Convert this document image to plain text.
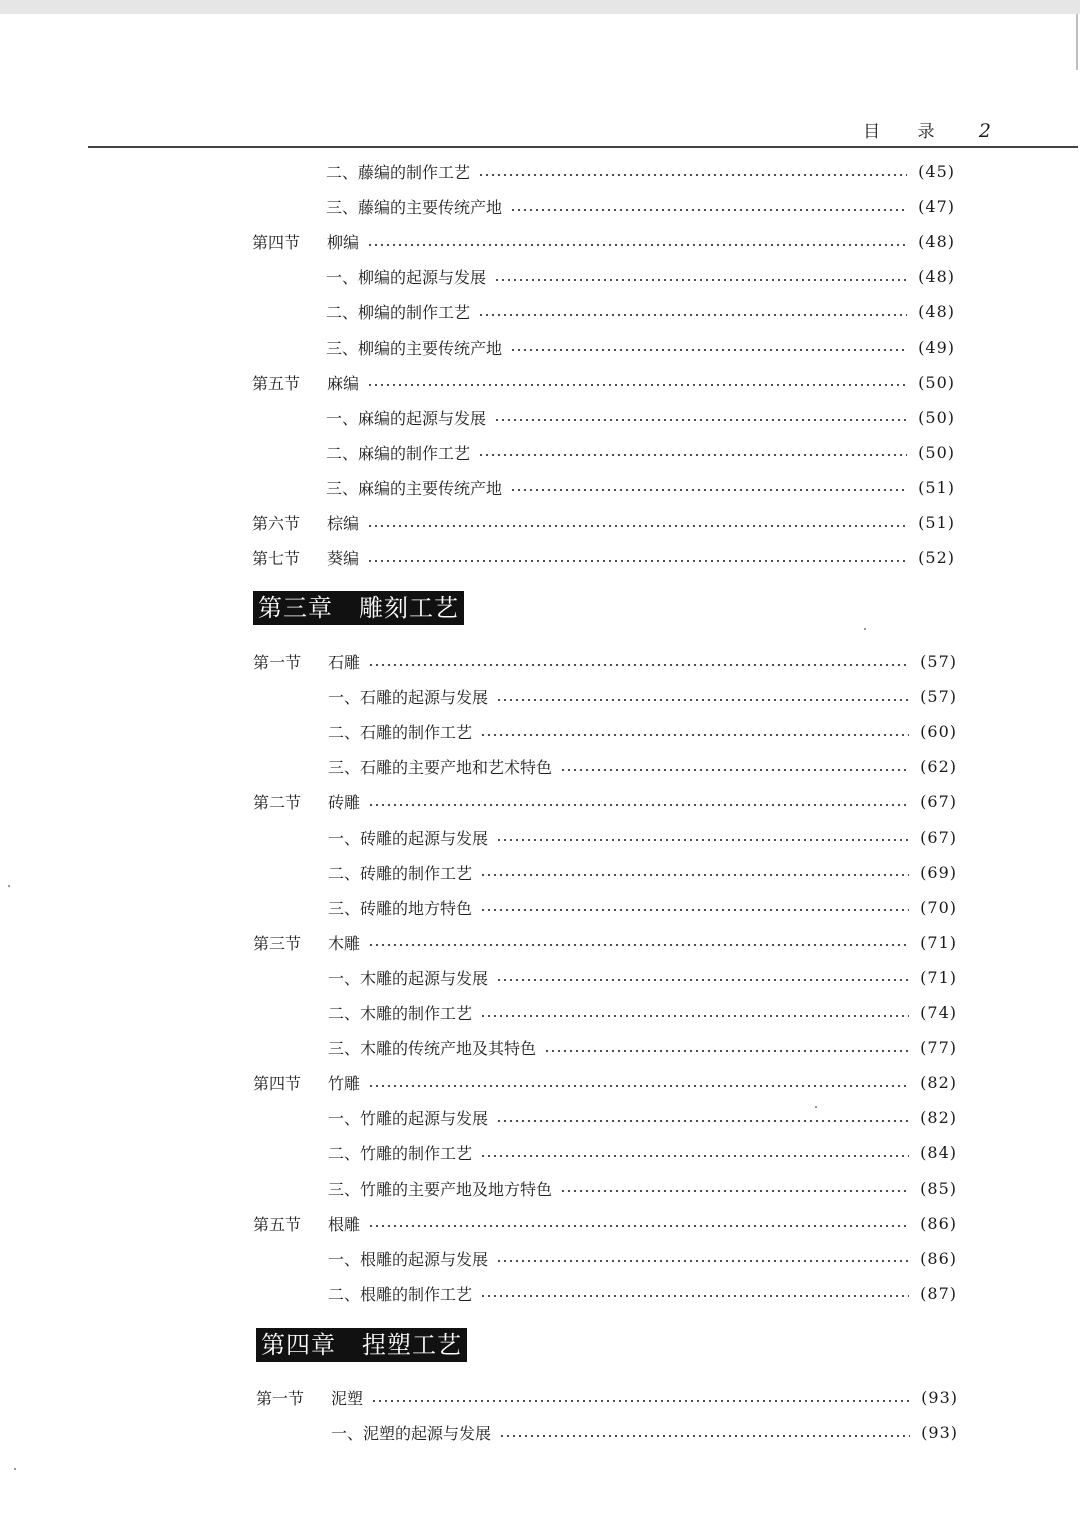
目 录 2
第三章 雕刻工艺
第四章 捏塑工艺
二、藤编的制作工艺	(45)
三、藤编的主要传统产地	(47)
第四节 柳编	(48)
一、柳编的起源与发展	(48)
二、柳编的制作工艺	(48)
三、柳编的主要传统产地	(49)
第五节 麻编	(50)
一、麻编的起源与发展	(50)
二、麻编的制作工艺	(50)
三、麻编的主要传统产地	(51)
第六节 棕编	(51)
第七节 葵编	(52)
第一节 石雕	(57)
一、石雕的起源与发展	(57)
二、石雕的制作工艺	(60)
三、石雕的主要产地和艺术特色	(62)
第二节 砖雕	(67)
一、砖雕的起源与发展	(67)
二、砖雕的制作工艺	(69)
三、砖雕的地方特色	(70)
第三节 木雕	(71)
一、木雕的起源与发展	(71)
二、木雕的制作工艺	(74)
三、木雕的传统产地及其特色	(77)
第四节 竹雕	(82)
一、竹雕的起源与发展	(82)
二、竹雕的制作工艺	(84)
三、竹雕的主要产地及地方特色	(85)
第五节 根雕	(86)
一、根雕的起源与发展	(86)
二、根雕的制作工艺	(87)
第一节 泥塑	(93)
一、泥塑的起源与发展	(93)
